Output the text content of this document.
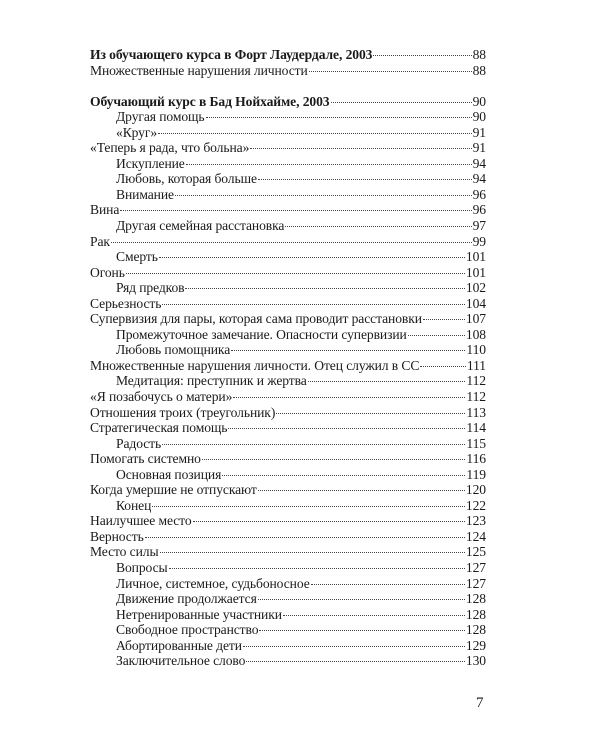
Из обучающего курса в Форт Лаудердале, 2003	88
Множественные нарушения личности	88
Обучающий курс в Бад Нойхайме, 2003	90
Другая помощь	90
«Круг»	91
«Теперь я рада, что больна»	91
Искупление	94
Любовь, которая больше	94
Внимание	96
Вина	96
Другая семейная расстановка	97
Рак	99
Смерть	101
Огонь	101
Ряд предков	102
Серьезность	104
Супервизия для пары, которая сама проводит расстановки	107
Промежуточное замечание. Опасности супервизии	108
Любовь помощника	110
Множественные нарушения личности. Отец служил в СС	111
Медитация: преступник и жертва	112
«Я позабочусь о матери»	112
Отношения троих (треугольник)	113
Стратегическая помощь	114
Радость	115
Помогать системно	116
Основная позиция	119
Когда умершие не отпускают	120
Конец	122
Наилучшее место	123
Верность	124
Место силы	125
Вопросы	127
Личное, системное, судьбоносное	127
Движение продолжается	128
Нетренированные участники	128
Свободное пространство	128
Абортированные дети	129
Заключительное слово	130
7
